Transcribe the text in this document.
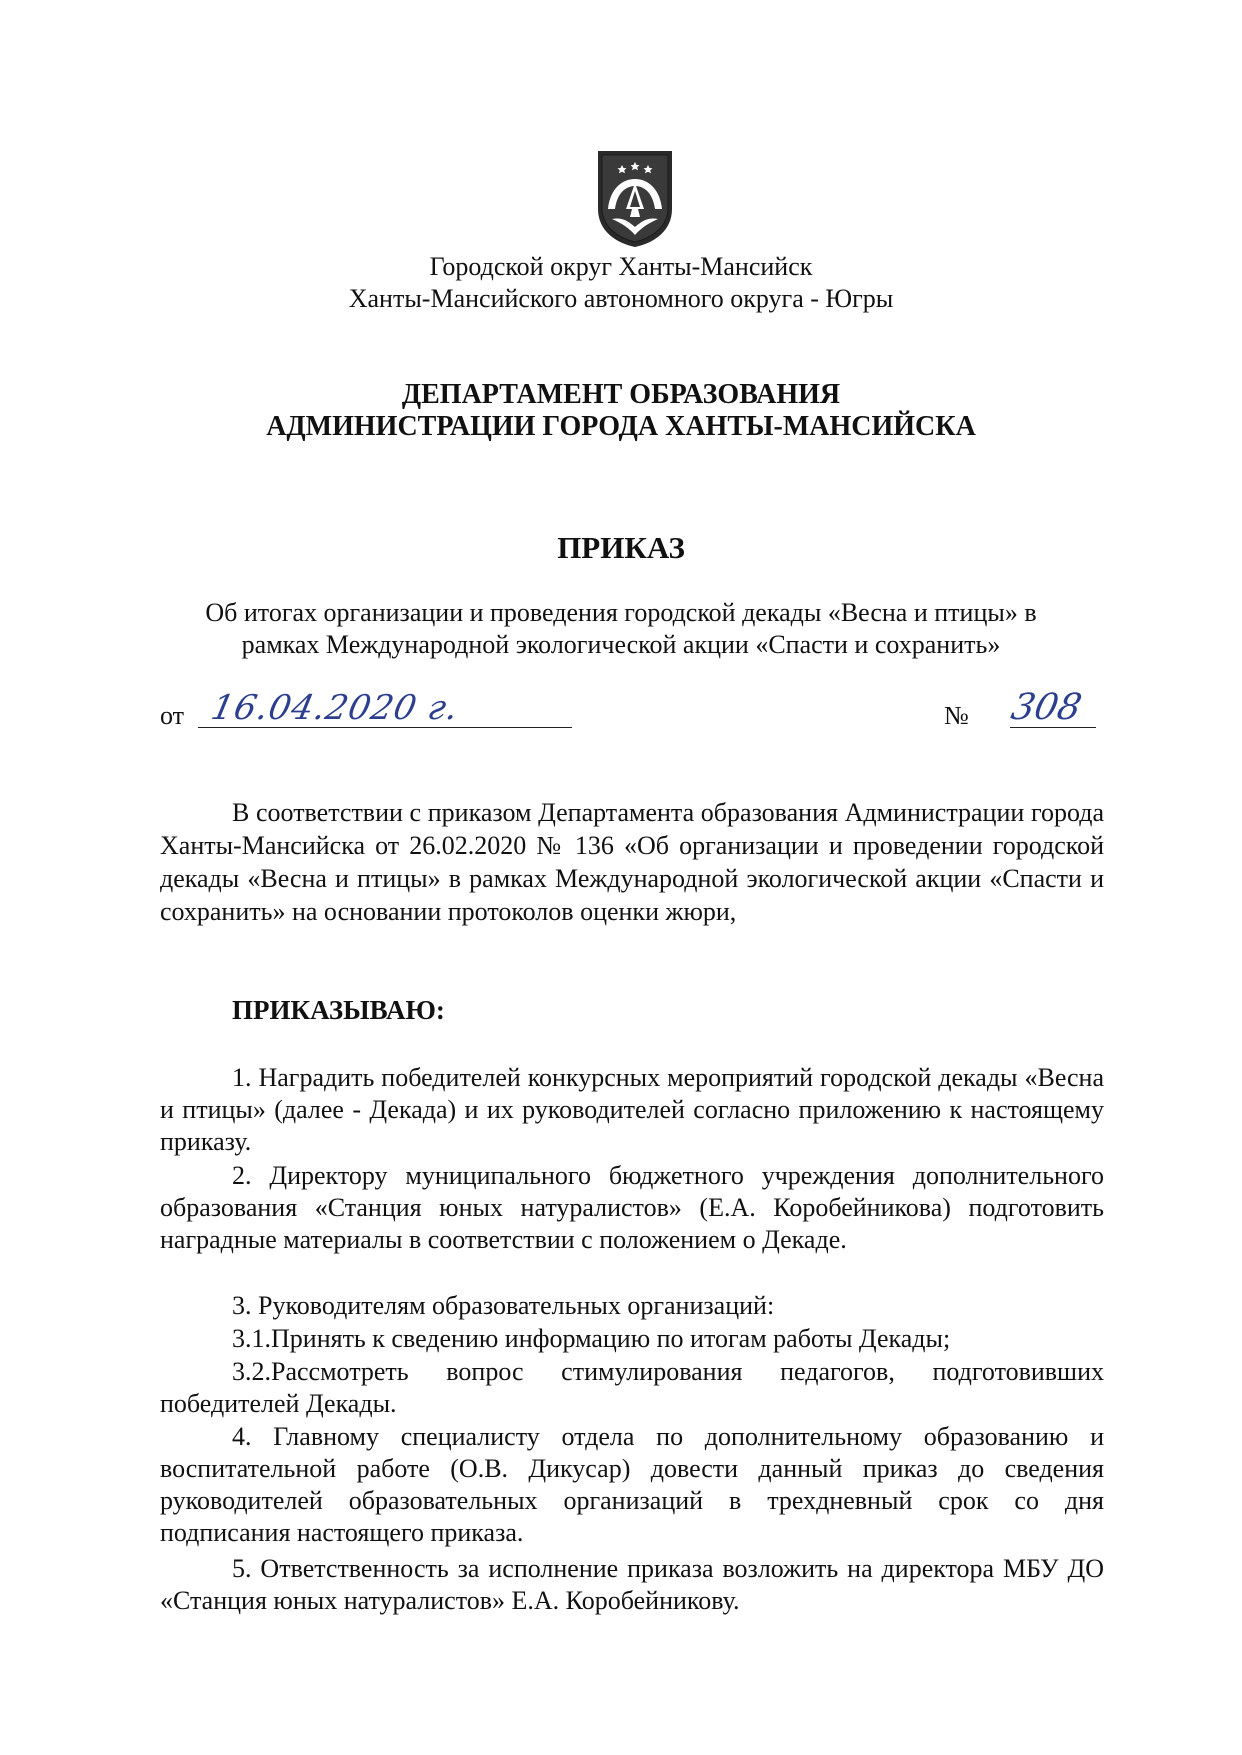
Городской округ Ханты-Мансийск
Ханты-Мансийского автономного округа - Югры
ДЕПАРТАМЕНТ ОБРАЗОВАНИЯ
АДМИНИСТРАЦИИ ГОРОДА ХАНТЫ-МАНСИЙСКА
ПРИКАЗ
Об итогах организации и проведения городской декады «Весна и птицы» в
рамках Международной экологической акции «Спасти и сохранить»
от 16.04.2020 г.	№ 308
В соответствии с приказом Департамента образования Администрации города Ханты-Мансийска от 26.02.2020 № 136 «Об организации и проведении городской декады «Весна и птицы» в рамках Международной экологической акции «Спасти и сохранить» на основании протоколов оценки жюри,
ПРИКАЗЫВАЮ:
1. Наградить победителей конкурсных мероприятий городской декады «Весна и птицы» (далее - Декада) и их руководителей согласно приложению к настоящему приказу.
2. Директору муниципального бюджетного учреждения дополнительного образования «Станция юных натуралистов» (Е.А. Коробейникова) подготовить наградные материалы в соответствии с положением о Декаде.
3. Руководителям образовательных организаций:
3.1.Принять к сведению информацию по итогам работы Декады;
3.2.Рассмотреть вопрос стимулирования педагогов, подготовивших победителей Декады.
4. Главному специалисту отдела по дополнительному образованию и воспитательной работе (О.В. Дикусар) довести данный приказ до сведения руководителей образовательных организаций в трехдневный срок со дня подписания настоящего приказа.
5. Ответственность за исполнение приказа возложить на директора МБУ ДО «Станция юных натуралистов» Е.А. Коробейникову.
